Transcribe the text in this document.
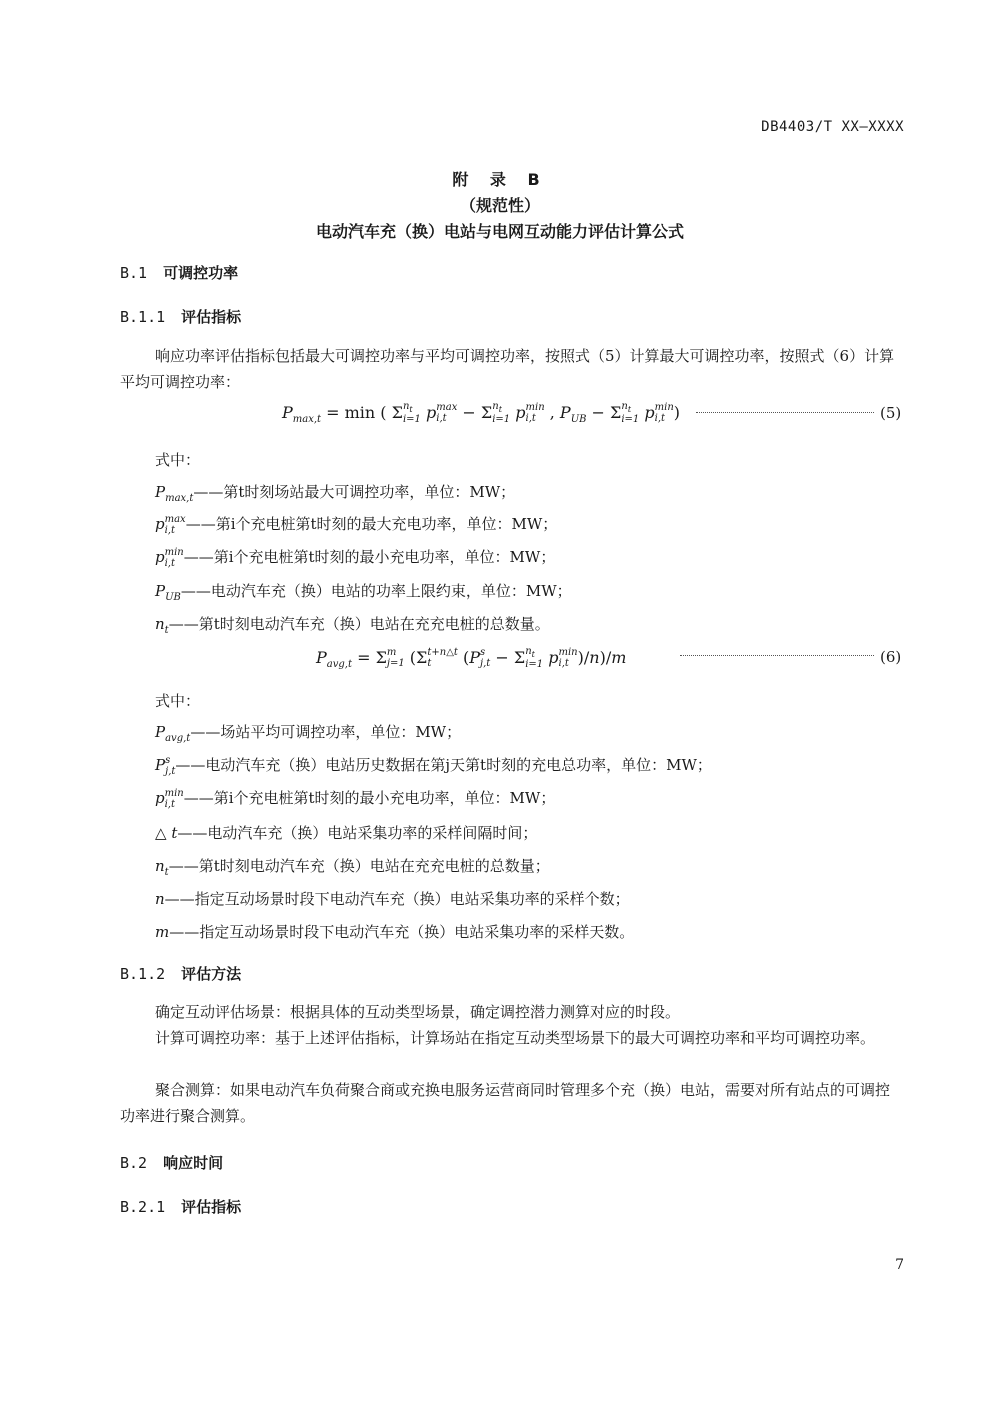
DB4403/T XX—XXXX
附 录 B
（规范性）
电动汽车充（换）电站与电网互动能力评估计算公式
B.1 可调控功率
B.1.1 评估指标
响应功率评估指标包括最大可调控功率与平均可调控功率，按照式（5）计算最大可调控功率，按照式（6）计算平均可调控功率：
$P_{max,t} = \min$ ( Σ $n_t$
i=1 p max
i,t − Σ $n_t$
i=1 p min
i,t , $P_{UB} - \Sigma$ $n_t$
i=1 p min
i,t )	(5)
式中：
$P_{max,t}——$第t时刻场站最大可调控功率，单位：MW；
p max
i,t ——第i个充电桩第t时刻的最大充电功率，单位：MW；
p min
i,t ——第i个充电桩第t时刻的最小充电功率，单位：MW；
$P_{UB}——$电动汽车充（换）电站的功率上限约束，单位：MW；
$n_t——$第t时刻电动汽车充（换）电站在充充电桩的总数量。
$P_{avg,t} = \Sigma$ m
j=1 (Σ t+n△t
t	(P s
j,t − Σ $n_t$
i=1 p min
i,t )/n)/m	(6)
式中：
$P_{avg,t}——$场站平均可调控功率，单位：MW；
P s
j,t ——电动汽车充（换）电站历史数据在第j天第t时刻的充电总功率，单位：MW；
p min
i,t ——第i个充电桩第t时刻的最小充电功率，单位：MW；
△ t——电动汽车充（换）电站采集功率的采样间隔时间；
$n_t——$第t时刻电动汽车充（换）电站在充充电桩的总数量；
n——指定互动场景时段下电动汽车充（换）电站采集功率的采样个数；
m——指定互动场景时段下电动汽车充（换）电站采集功率的采样天数。
B.1.2 评估方法
确定互动评估场景：根据具体的互动类型场景，确定调控潜力测算对应的时段。
计算可调控功率：基于上述评估指标，计算场站在指定互动类型场景下的最大可调控功率和平均可调控功率。
聚合测算：如果电动汽车负荷聚合商或充换电服务运营商同时管理多个充（换）电站，需要对所有站点的可调控功率进行聚合测算。
B.2 响应时间
B.2.1 评估指标
7
